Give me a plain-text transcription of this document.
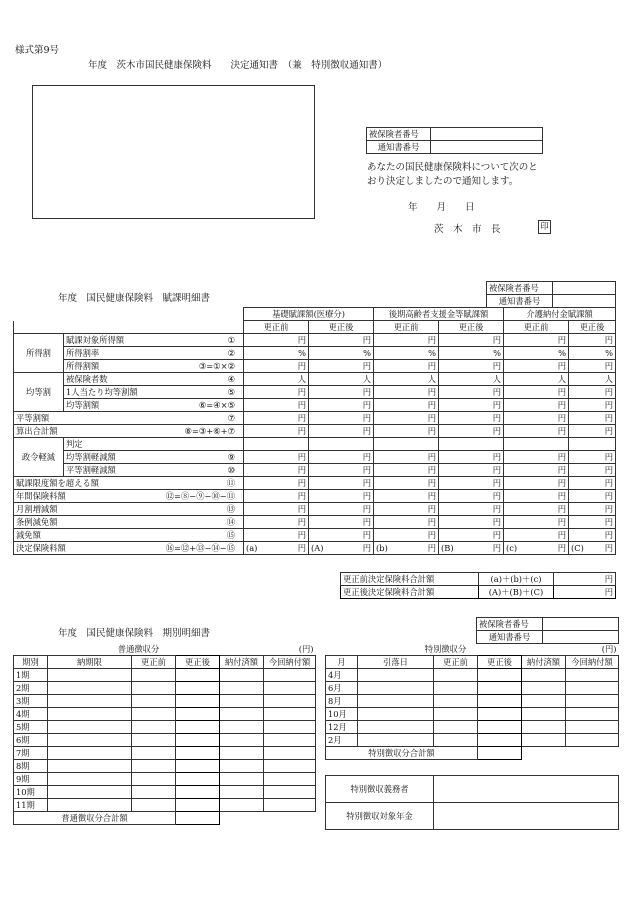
様式第9号
年度　茨木市国民健康保険料　　決定通知書　（兼　特別徴収通知書）
被保険者番号	
通知書番号	
あなたの国民健康保険料について次のと
おり決定しましたので通知します。
年　　月　　日
茨　木　市　長	印
年度　国民健康保険料　賦課明細書
被保険者番号	
通知書番号	
		基礎賦課額(医療分)		後期高齢者支援金等賦課額		介護納付金賦課額	
		更正前	更正後	更正前	更正後	更正前	更正後
所得割	賦課対象所得額 ①	円	円	円	円	円	円

	所得割率 ②	%	%	%	%	%	%

	所得割額 ③=①×②	円	円	円	円	円	円
均等割	被保険者数 ④	人	人	人	人	人	人

	1人当たり均等割額 ⑤	円	円	円	円	円	円

	均等割額 ⑥=④×⑤	円	円	円	円	円	円

平等割額 ⑦		円	円	円	円	円	円

算出合計額 ⑧=③+⑥+⑦		円	円	円	円	円	円
政令軽減	判定						

	均等割軽減額 ⑨	円	円	円	円	円	円

	平等割軽減額 ⑩	円	円	円	円	円	円

賦課限度額を超える額 ⑪		円	円	円	円	円	円

年間保険料額 ⑫=⑧−⑨−⑩−⑪		円	円	円	円	円	円

月割増減額 ⑬		円	円	円	円	円	円

条例減免額 ⑭		円	円	円	円	円	円

減免額 ⑮		円	円	円	円	円	円

決定保険料額 ⑯=⑫+⑬−⑭−⑮		(a) 円	(A) 円	(b) 円	(B) 円	(c) 円	(C) 円
更正前決定保険料合計額	(a)＋(b)＋(c)	円
更正後決定保険料合計額	(A)＋(B)＋(C)	円
年度　国民健康保険料　期別明細書
被保険者番号	
通知書番号	
普通徴収分					(円)
期別	納期限	更正前	更正後	納付済額	今回納付額
1期					
2期					
3期					
4期					
5期					
6期					
7期					
8期					
9期					
10期					
11期					
普通徴収分合計額					
特別徴収分					(円)
月	引落日	更正前	更正後	納付済額	今回納付額
4月					
6月					
8月					
10月					
12月					
2月					
特別徴収分合計額					
特別徴収義務者	
特別徴収対象年金	
